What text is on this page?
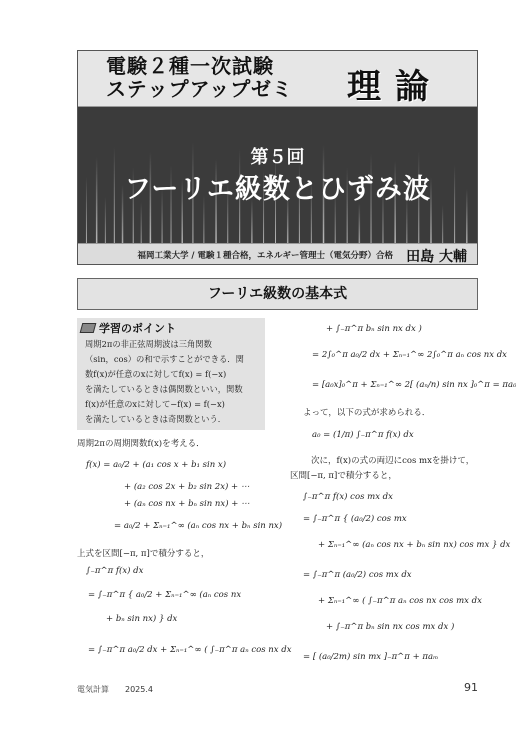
電験２種一次試験
ステップアップゼミ 理論
第５回
フーリエ級数とひずみ波
福岡工業大学 / 電験１種合格，エネルギー管理士（電気分野）合格 田島 大輔
フーリエ級数の基本式
学習のポイント
周期2πの非正弦周期波は三角関数
（sin，cos）の和で示すことができる．関
数f(x)が任意のxに対してf(x) = f(−x)
を満たしているときは偶関数といい，関数
f(x)が任意のxに対して−f(x) = f(−x)
を満たしているときは奇関数という．
周期2πの周期関数f(x)を考える．
f(x) = a₀/2 + (a₁ cos x + b₁ sin x)
+ (a₂ cos 2x + b₂ sin 2x) + ⋯
+ (aₙ cos nx + bₙ sin nx) + ⋯
= a₀/2 + Σₙ₌₁^∞ (aₙ cos nx + bₙ sin nx)
上式を区間[−π, π]で積分すると，
∫₋π^π f(x) dx
= ∫₋π^π { a₀/2 + Σₙ₌₁^∞ (aₙ cos nx
+ bₙ sin nx) } dx
= ∫₋π^π a₀/2 dx + Σₙ₌₁^∞ ( ∫₋π^π aₙ cos nx dx
+ ∫₋π^π bₙ sin nx dx )
= 2∫₀^π a₀/2 dx + Σₙ₌₁^∞ 2∫₀^π aₙ cos nx dx
= [a₀x]₀^π + Σₙ₌₁^∞ 2[ (aₙ/n) sin nx ]₀^π = πa₀
よって，以下の式が求められる．
a₀ = (1/π) ∫₋π^π f(x) dx
次に，f(x)の式の両辺にcos mxを掛けて，
区間[−π, π]で積分すると，
∫₋π^π f(x) cos mx dx
= ∫₋π^π { (a₀/2) cos mx
+ Σₙ₌₁^∞ (aₙ cos nx + bₙ sin nx) cos mx } dx
= ∫₋π^π (a₀/2) cos mx dx
+ Σₙ₌₁^∞ ( ∫₋π^π aₙ cos nx cos mx dx
+ ∫₋π^π bₙ sin nx cos mx dx )
= [ (a₀/2m) sin mx ]₋π^π + πaₘ
電気計算　　2025.4	91
